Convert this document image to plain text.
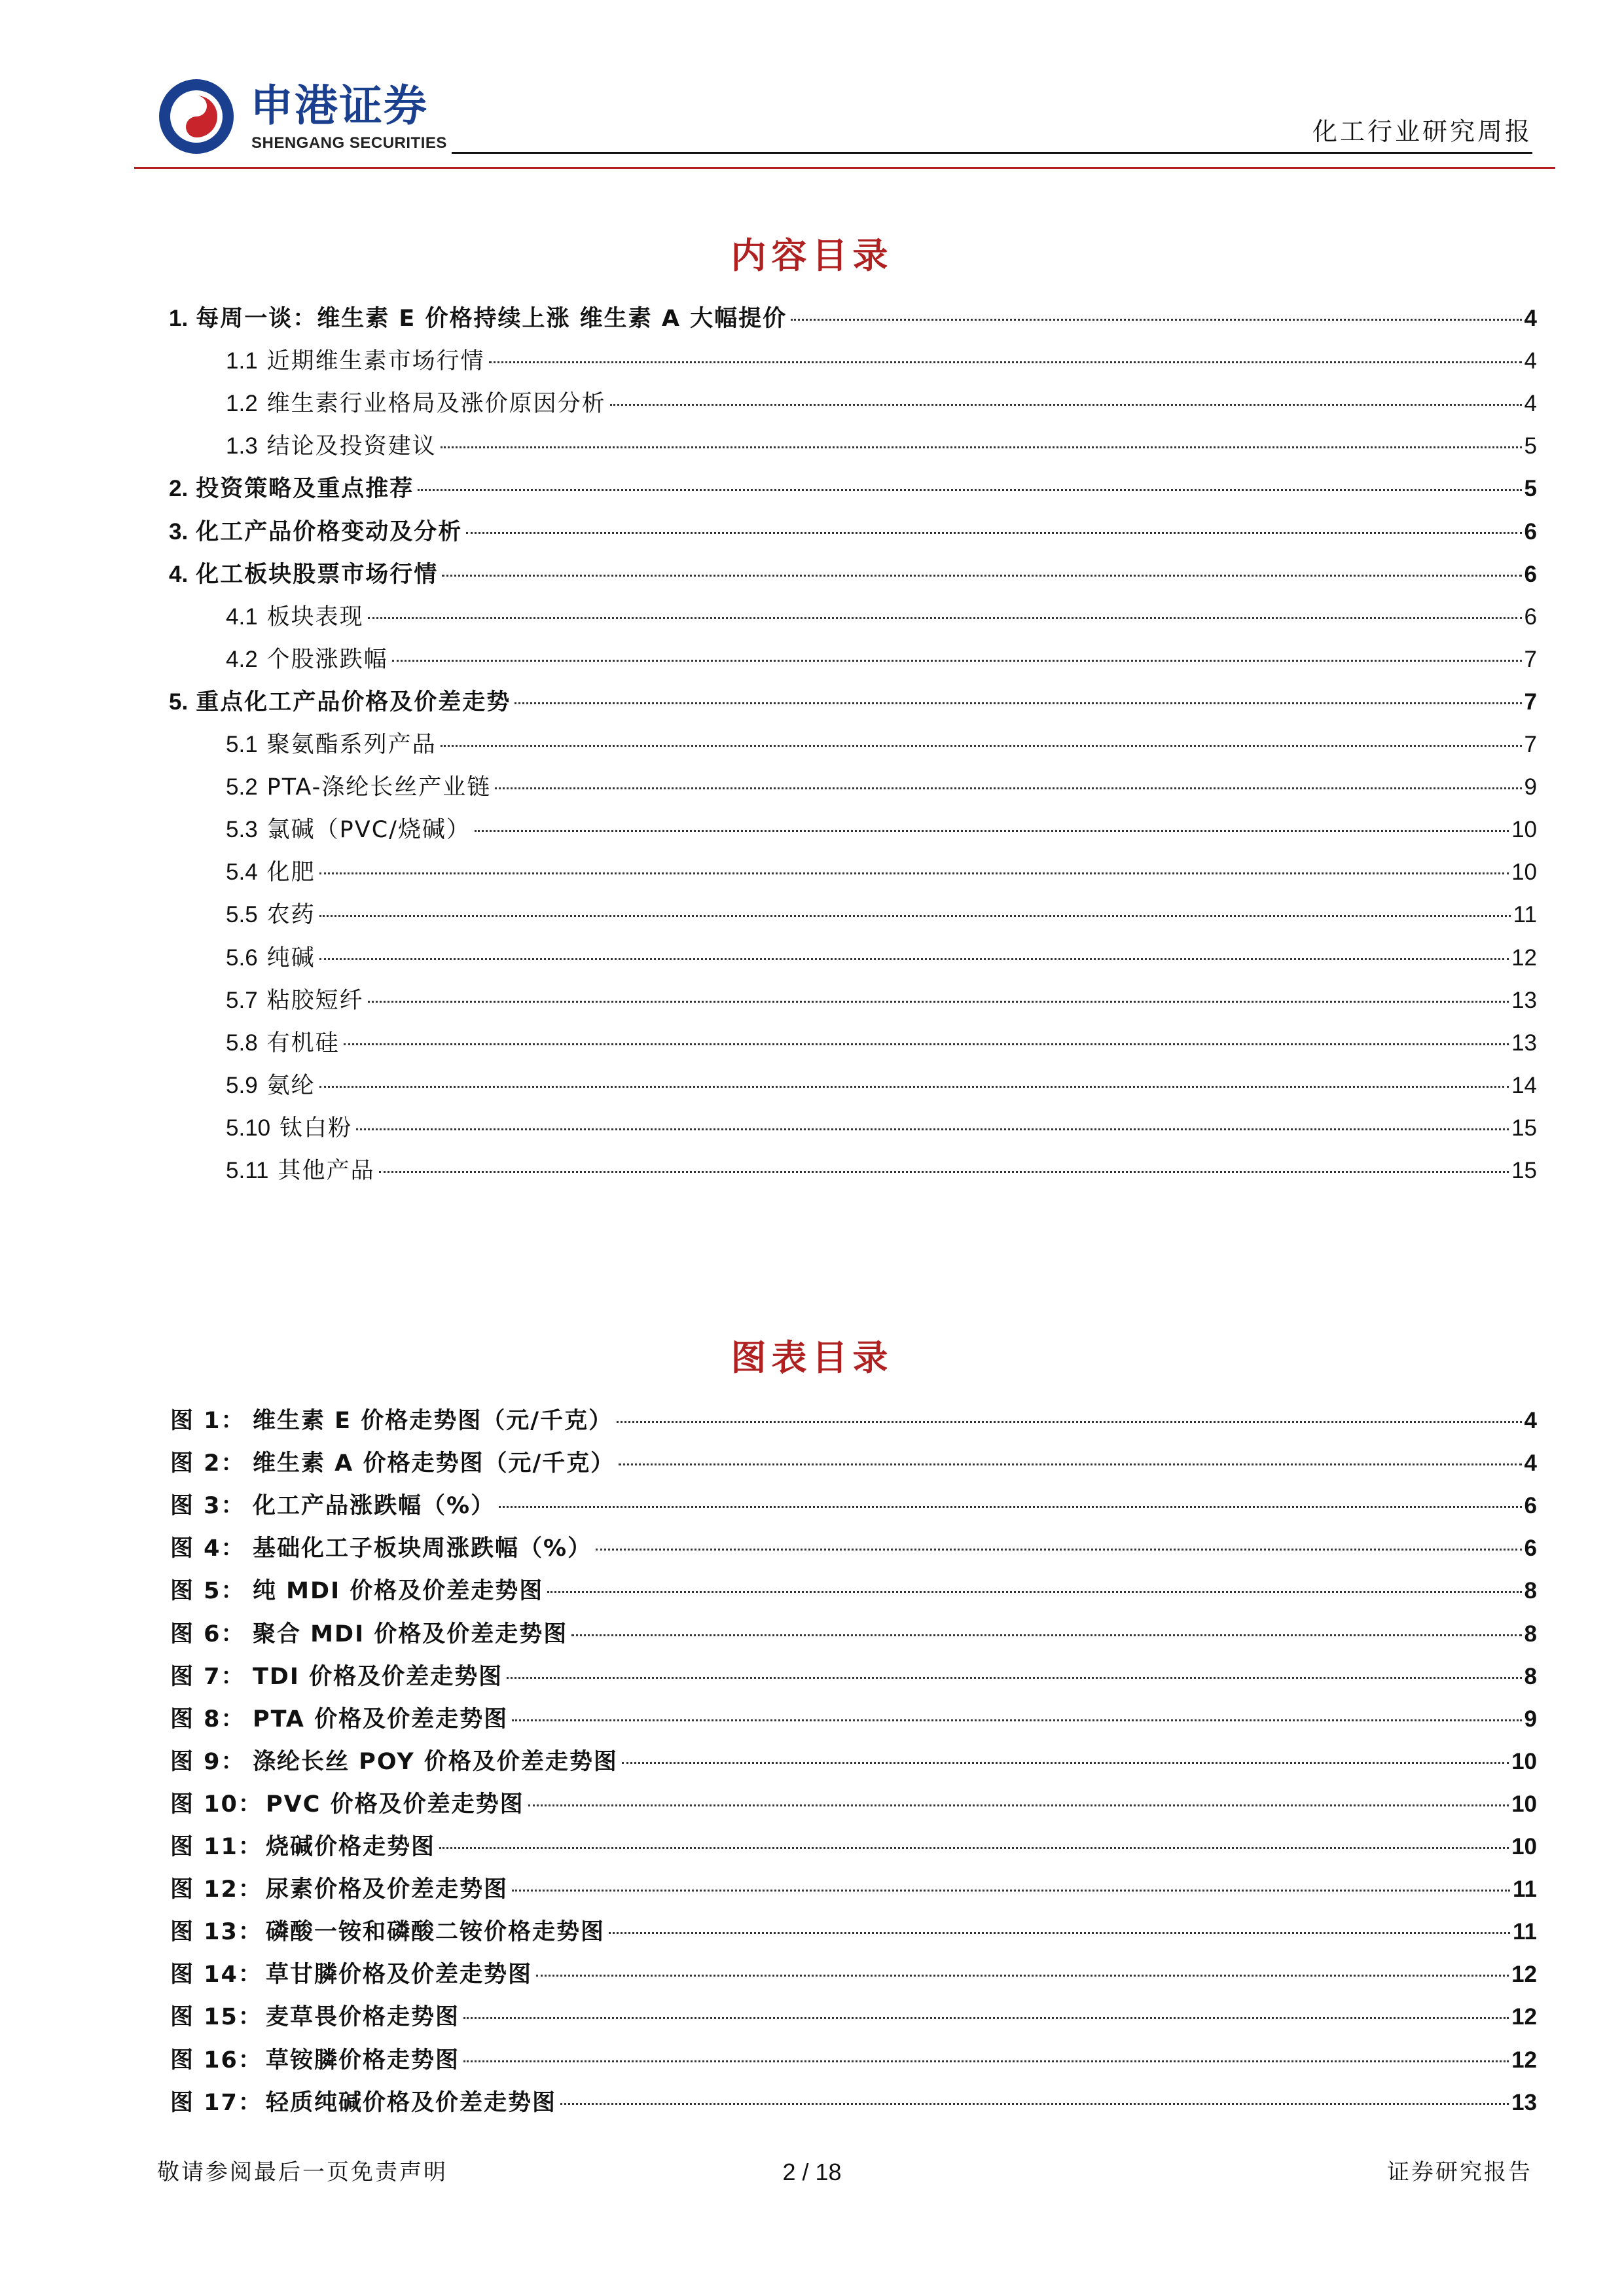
申港证券
SHENGANG SECURITIES	化工行业研究周报
内容目录
1. 每周一谈：维生素 E 价格持续上涨 维生素 A 大幅提价	4
1.1 近期维生素市场行情	4
1.2 维生素行业格局及涨价原因分析	4
1.3 结论及投资建议	5
2. 投资策略及重点推荐	5
3. 化工产品价格变动及分析	6
4. 化工板块股票市场行情	6
4.1 板块表现	6
4.2 个股涨跌幅	7
5. 重点化工产品价格及价差走势	7
5.1 聚氨酯系列产品	7
5.2 PTA-涤纶长丝产业链	9
5.3 氯碱（PVC/烧碱）	10
5.4 化肥	10
5.5 农药	11
5.6 纯碱	12
5.7 粘胶短纤	13
5.8 有机硅	13
5.9 氨纶	14
5.10 钛白粉	15
5.11 其他产品	15
图表目录
图 1： 维生素 E 价格走势图（元/千克）	4
图 2： 维生素 A 价格走势图（元/千克）	4
图 3： 化工产品涨跌幅（%）	6
图 4： 基础化工子板块周涨跌幅（%）	6
图 5： 纯 MDI 价格及价差走势图	8
图 6： 聚合 MDI 价格及价差走势图	8
图 7： TDI 价格及价差走势图	8
图 8： PTA 价格及价差走势图	9
图 9： 涤纶长丝 POY 价格及价差走势图	10
图 10： PVC 价格及价差走势图	10
图 11： 烧碱价格走势图	10
图 12： 尿素价格及价差走势图	11
图 13： 磷酸一铵和磷酸二铵价格走势图	11
图 14： 草甘膦价格及价差走势图	12
图 15： 麦草畏价格走势图	12
图 16： 草铵膦价格走势图	12
图 17： 轻质纯碱价格及价差走势图	13
敬请参阅最后一页免责声明	2 / 18	证券研究报告
